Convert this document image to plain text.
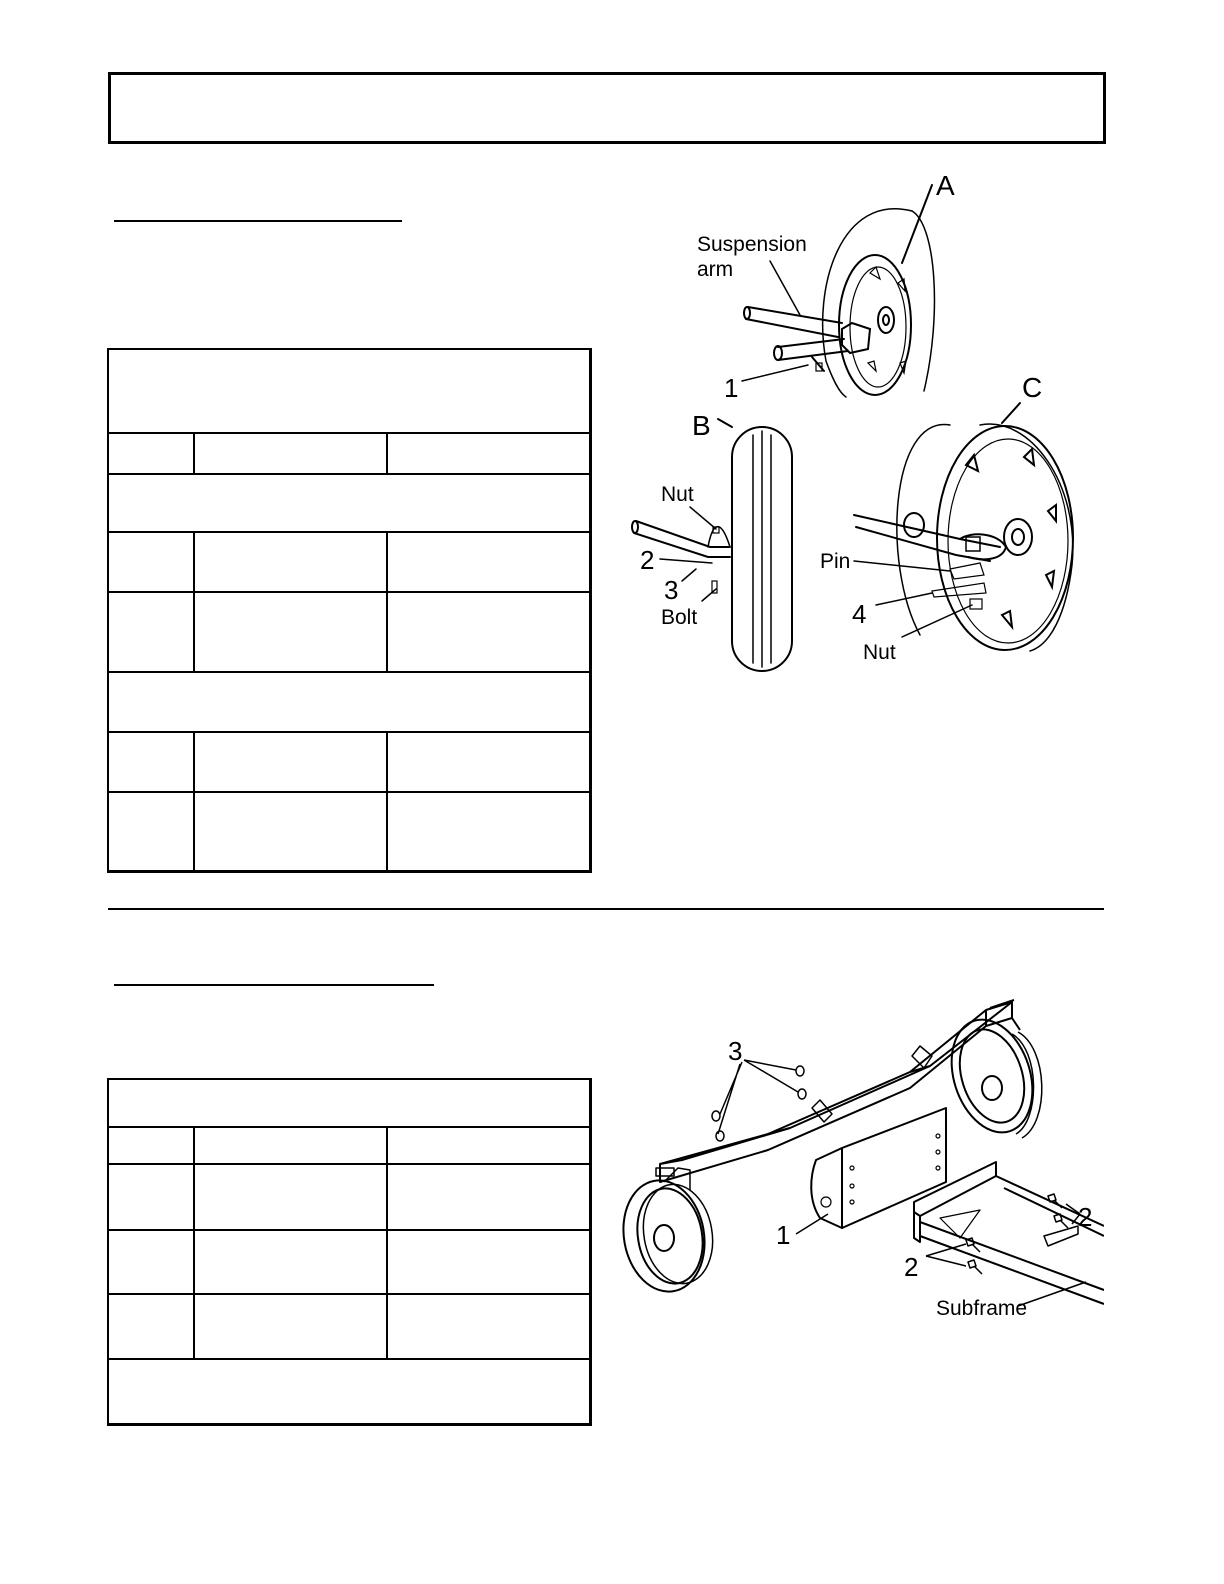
A
B
C
Suspension
arm
1
Nut
2
3
Bolt
Pin
4
Nut
3
1
2
2
Subframe
